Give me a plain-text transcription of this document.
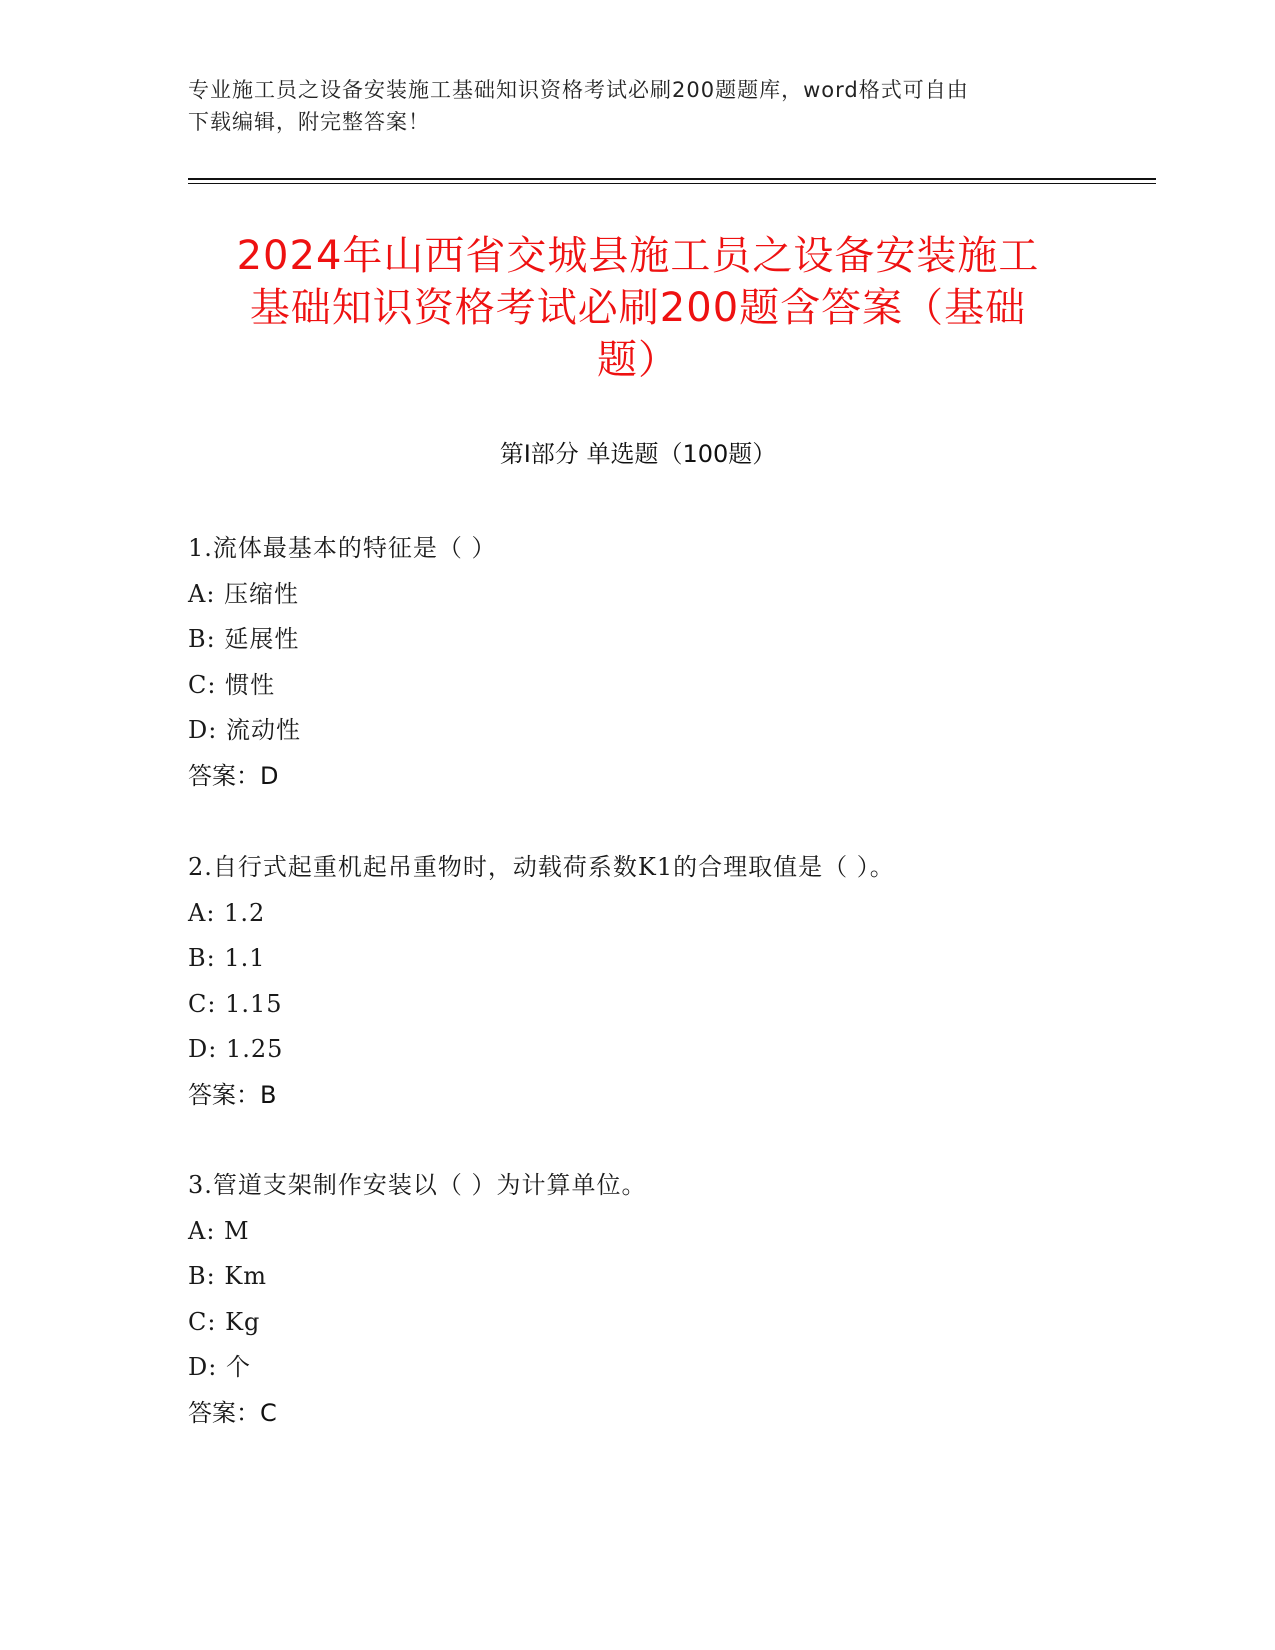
专业施工员之设备安装施工基础知识资格考试必刷200题题库，word格式可自由
下载编辑，附完整答案！
2024年山西省交城县施工员之设备安装施工
基础知识资格考试必刷200题含答案（基础
题）
第Ⅰ部分 单选题（100题）
1.流体最基本的特征是（ ）
A: 压缩性
B: 延展性
C: 惯性
D: 流动性
答案：D
2.自行式起重机起吊重物时，动载荷系数K1的合理取值是（ ）。
A: 1.2
B: 1.1
C: 1.15
D: 1.25
答案：B
3.管道支架制作安装以（ ）为计算单位。
A: M
B: Km
C: Kg
D: 个
答案：C
